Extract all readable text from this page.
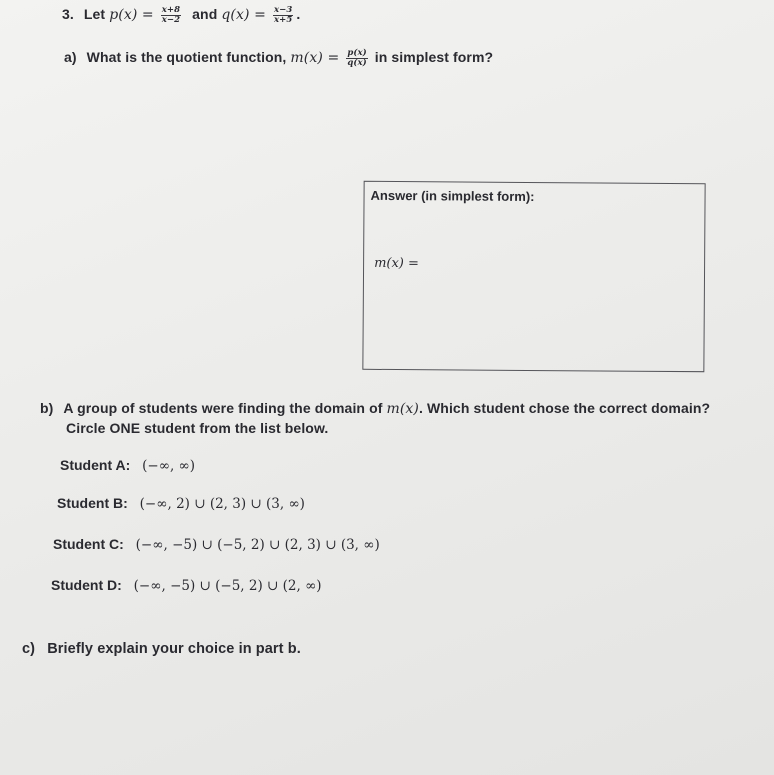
3. Let $p(x) = \frac{x+8}{x-2}$ and $q(x) = \frac{x-3}{x+5}$ .
a) What is the quotient function, $m(x) = \frac{p(x)}{q(x)}$ in simplest form?
Answer (in simplest form):
m(x) =
b) A group of students were finding the domain of m(x). Which student chose the correct domain?
Circle ONE student from the list below.
Student A: (−∞, ∞)
Student B: (−∞, 2) ∪ (2, 3) ∪ (3, ∞)
Student C: (−∞, −5) ∪ (−5, 2) ∪ (2, 3) ∪ (3, ∞)
Student D: (−∞, −5) ∪ (−5, 2) ∪ (2, ∞)
c) Briefly explain your choice in part b.
